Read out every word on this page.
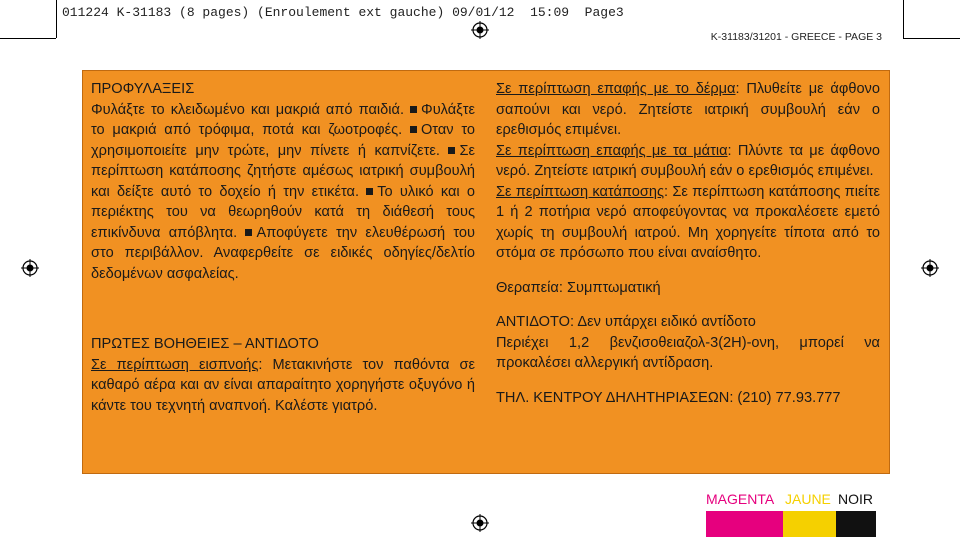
011224 K-31183 (8 pages) (Enroulement ext gauche) 09/01/12  15:09  Page3
K-31183/31201 - GREECE - PAGE 3

ΠΡΟΦΥΛΑΞΕΙΣ

Φυλάξτε το κλειδωμένο και μακριά από παιδιά. Φυλάξτε το μακριά από τρόφιμα, ποτά και ζωοτροφές. Οταν το χρησιμοποιείτε μην τρώτε, μην πίνετε ή καπνίζετε. Σε περίπτωση κατάποσης ζητήστε αμέσως ιατρική συμβουλή και δείξτε αυτό το δοχείο ή την ετικέτα. Το υλικό και ο περιέκτης του να θεωρηθούν κατά τη διάθεσή τους επικίνδυνα απόβλητα. Αποφύγετε την ελευθέρωσή του στο περιβάλλον. Αναφερθείτε σε ειδικές οδηγίες/δελτίο δεδομένων ασφαλείας.

ΠΡΩΤΕΣ ΒΟΗΘΕΙΕΣ – ΑΝΤΙΔΟΤΟ

Σε περίπτωση εισπνοής: Μετακινήστε τον παθόντα σε καθαρό αέρα και αν είναι απαραίτητο χορηγήστε οξυγόνο ή κάντε του τεχνητή αναπνοή. Καλέστε γιατρό.

Σε περίπτωση επαφής με το δέρμα: Πλυθείτε με άφθονο σαπούνι και νερό. Ζητείστε ιατρική συμβουλή εάν ο ερεθισμός επιμένει.

Σε περίπτωση επαφής με τα μάτια: Πλύντε τα με άφθονο νερό. Ζητείστε ιατρική συμβουλή εάν ο ερεθισμός επιμένει.

Σε περίπτωση κατάποσης: Σε περίπτωση κατάποσης πιείτε 1 ή 2 ποτήρια νερό αποφεύγοντας να προκαλέσετε εμετό χωρίς τη συμβουλή ιατρού. Μη χορηγείτε τίποτα από το στόμα σε πρόσωπο που είναι αναίσθητο.

Θεραπεία: Συμπτωματική

ΑΝΤΙΔΟΤΟ: Δεν υπάρχει ειδικό αντίδοτο

Περιέχει 1,2 βενζισοθειαζολ-3(2H)-ονη, μπορεί να προκαλέσει αλλεργική αντίδραση.

ΤΗΛ. ΚΕΝΤΡΟΥ ΔΗΛΗΤΗΡΙΑΣΕΩΝ: (210) 77.93.777

MAGENTA JAUNE NOIR
